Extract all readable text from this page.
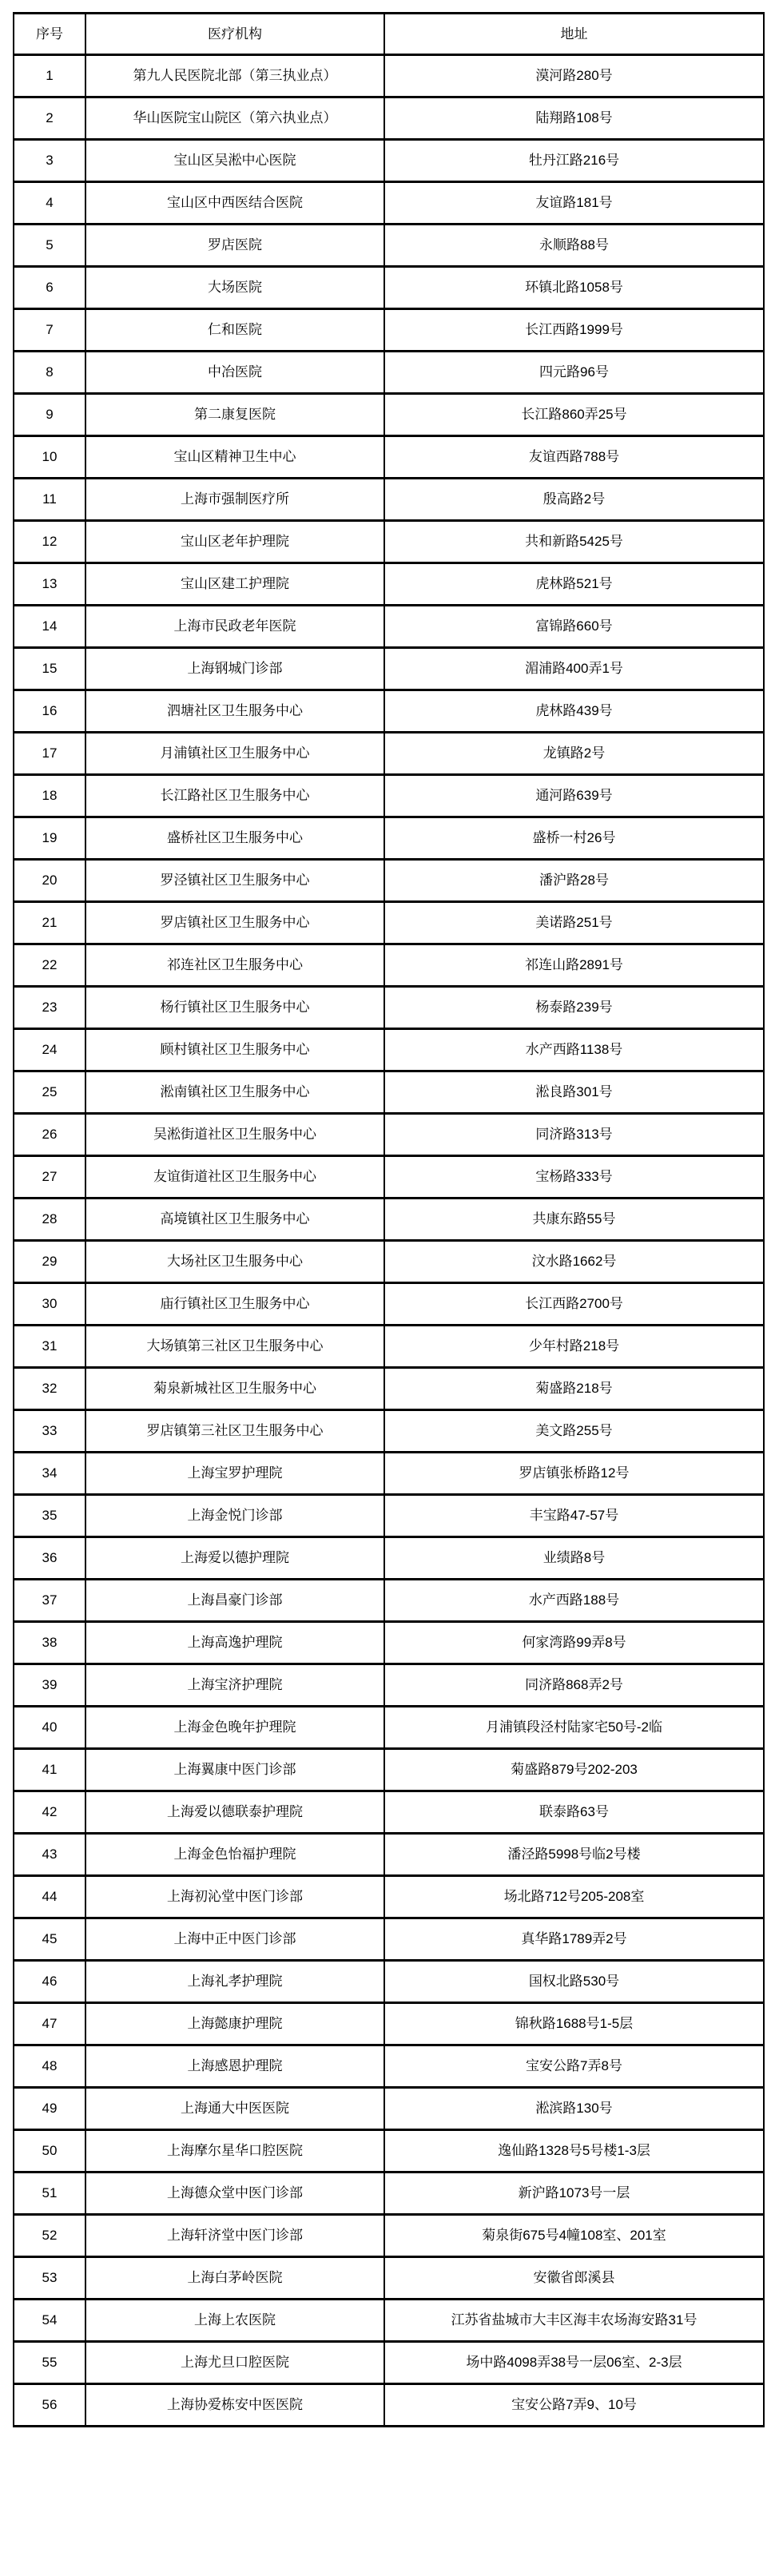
序号	医疗机构	地址
1	第九人民医院北部（第三执业点）	漠河路280号
2	华山医院宝山院区（第六执业点）	陆翔路108号
3	宝山区吴淞中心医院	牡丹江路216号
4	宝山区中西医结合医院	友谊路181号
5	罗店医院	永顺路88号
6	大场医院	环镇北路1058号
7	仁和医院	长江西路1999号
8	中冶医院	四元路96号
9	第二康复医院	长江路860弄25号
10	宝山区精神卫生中心	友谊西路788号
11	上海市强制医疗所	殷高路2号
12	宝山区老年护理院	共和新路5425号
13	宝山区建工护理院	虎林路521号
14	上海市民政老年医院	富锦路660号
15	上海钢城门诊部	湄浦路400弄1号
16	泗塘社区卫生服务中心	虎林路439号
17	月浦镇社区卫生服务中心	龙镇路2号
18	长江路社区卫生服务中心	通河路639号
19	盛桥社区卫生服务中心	盛桥一村26号
20	罗泾镇社区卫生服务中心	潘沪路28号
21	罗店镇社区卫生服务中心	美诺路251号
22	祁连社区卫生服务中心	祁连山路2891号
23	杨行镇社区卫生服务中心	杨泰路239号
24	顾村镇社区卫生服务中心	水产西路1138号
25	淞南镇社区卫生服务中心	淞良路301号
26	吴淞街道社区卫生服务中心	同济路313号
27	友谊街道社区卫生服务中心	宝杨路333号
28	高境镇社区卫生服务中心	共康东路55号
29	大场社区卫生服务中心	汶水路1662号
30	庙行镇社区卫生服务中心	长江西路2700号
31	大场镇第三社区卫生服务中心	少年村路218号
32	菊泉新城社区卫生服务中心	菊盛路218号
33	罗店镇第三社区卫生服务中心	美文路255号
34	上海宝罗护理院	罗店镇张桥路12号
35	上海金悦门诊部	丰宝路47-57号
36	上海爱以德护理院	业绩路8号
37	上海昌豪门诊部	水产西路188号
38	上海高逸护理院	何家湾路99弄8号
39	上海宝济护理院	同济路868弄2号
40	上海金色晚年护理院	月浦镇段泾村陆家宅50号-2临
41	上海翼康中医门诊部	菊盛路879号202-203
42	上海爱以德联泰护理院	联泰路63号
43	上海金色怡福护理院	潘泾路5998号临2号楼
44	上海初沁堂中医门诊部	场北路712号205-208室
45	上海中正中医门诊部	真华路1789弄2号
46	上海礼孝护理院	国权北路530号
47	上海懿康护理院	锦秋路1688号1-5层
48	上海感恩护理院	宝安公路7弄8号
49	上海通大中医医院	淞滨路130号
50	上海摩尔星华口腔医院	逸仙路1328号5号楼1-3层
51	上海德众堂中医门诊部	新沪路1073号一层
52	上海轩济堂中医门诊部	菊泉街675号4幢108室、201室
53	上海白茅岭医院	安徽省郎溪县
54	上海上农医院	江苏省盐城市大丰区海丰农场海安路31号
55	上海尤旦口腔医院	场中路4098弄38号一层06室、2-3层
56	上海协爱栋安中医医院	宝安公路7弄9、10号
